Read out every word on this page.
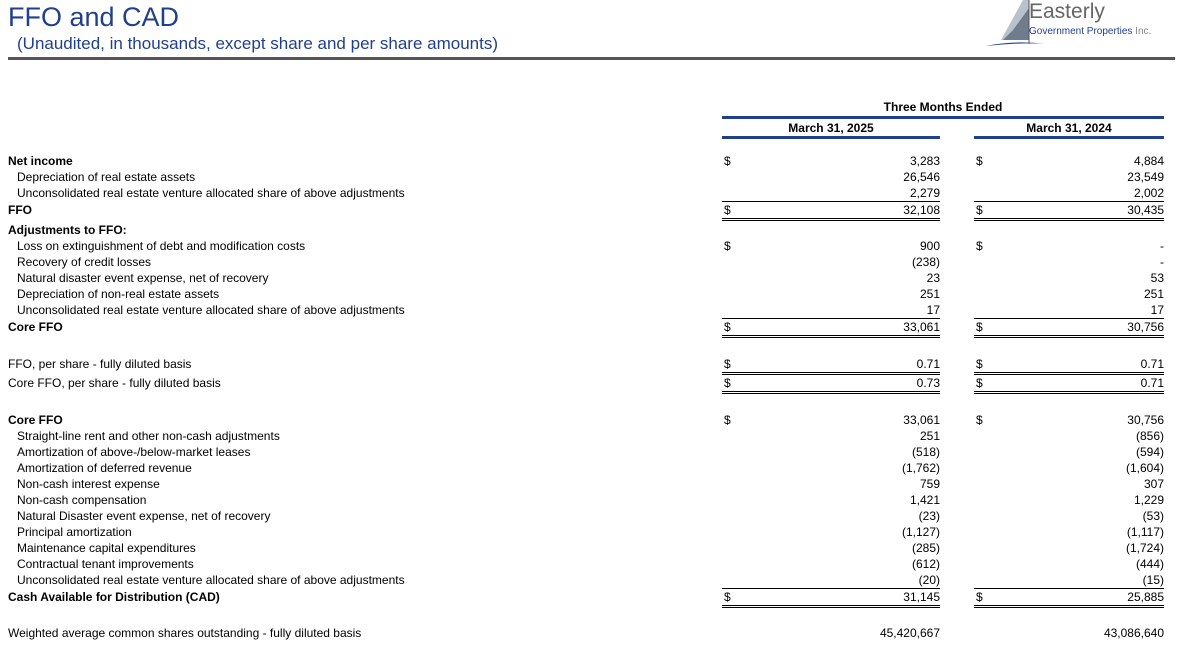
FFO and CAD
(Unaudited, in thousands, except share and per share amounts)
Easterly
Government Properties Inc.
Three Months Ended
March 31, 2025	March 31, 2024
Net income	$	3,283	$	4,884
Depreciation of real estate assets	26,546	23,549
Unconsolidated real estate venture allocated share of above adjustments	2,279	2,002
FFO	$	32,108	$	30,435
Adjustments to FFO:
Loss on extinguishment of debt and modification costs	$	900	$	-
Recovery of credit losses	(238)	-
Natural disaster event expense, net of recovery	23	53
Depreciation of non-real estate assets	251	251
Unconsolidated real estate venture allocated share of above adjustments	17	17
Core FFO	$	33,061	$	30,756
FFO, per share - fully diluted basis	$	0.71	$	0.71
Core FFO, per share - fully diluted basis	$	0.73	$	0.71
Core FFO	$	33,061	$	30,756
Straight-line rent and other non-cash adjustments	251	(856)
Amortization of above-/below-market leases	(518)	(594)
Amortization of deferred revenue	(1,762)	(1,604)
Non-cash interest expense	759	307
Non-cash compensation	1,421	1,229
Natural Disaster event expense, net of recovery	(23)	(53)
Principal amortization	(1,127)	(1,117)
Maintenance capital expenditures	(285)	(1,724)
Contractual tenant improvements	(612)	(444)
Unconsolidated real estate venture allocated share of above adjustments	(20)	(15)
Cash Available for Distribution (CAD)	$	31,145	$	25,885
Weighted average common shares outstanding - fully diluted basis	45,420,667	43,086,640
